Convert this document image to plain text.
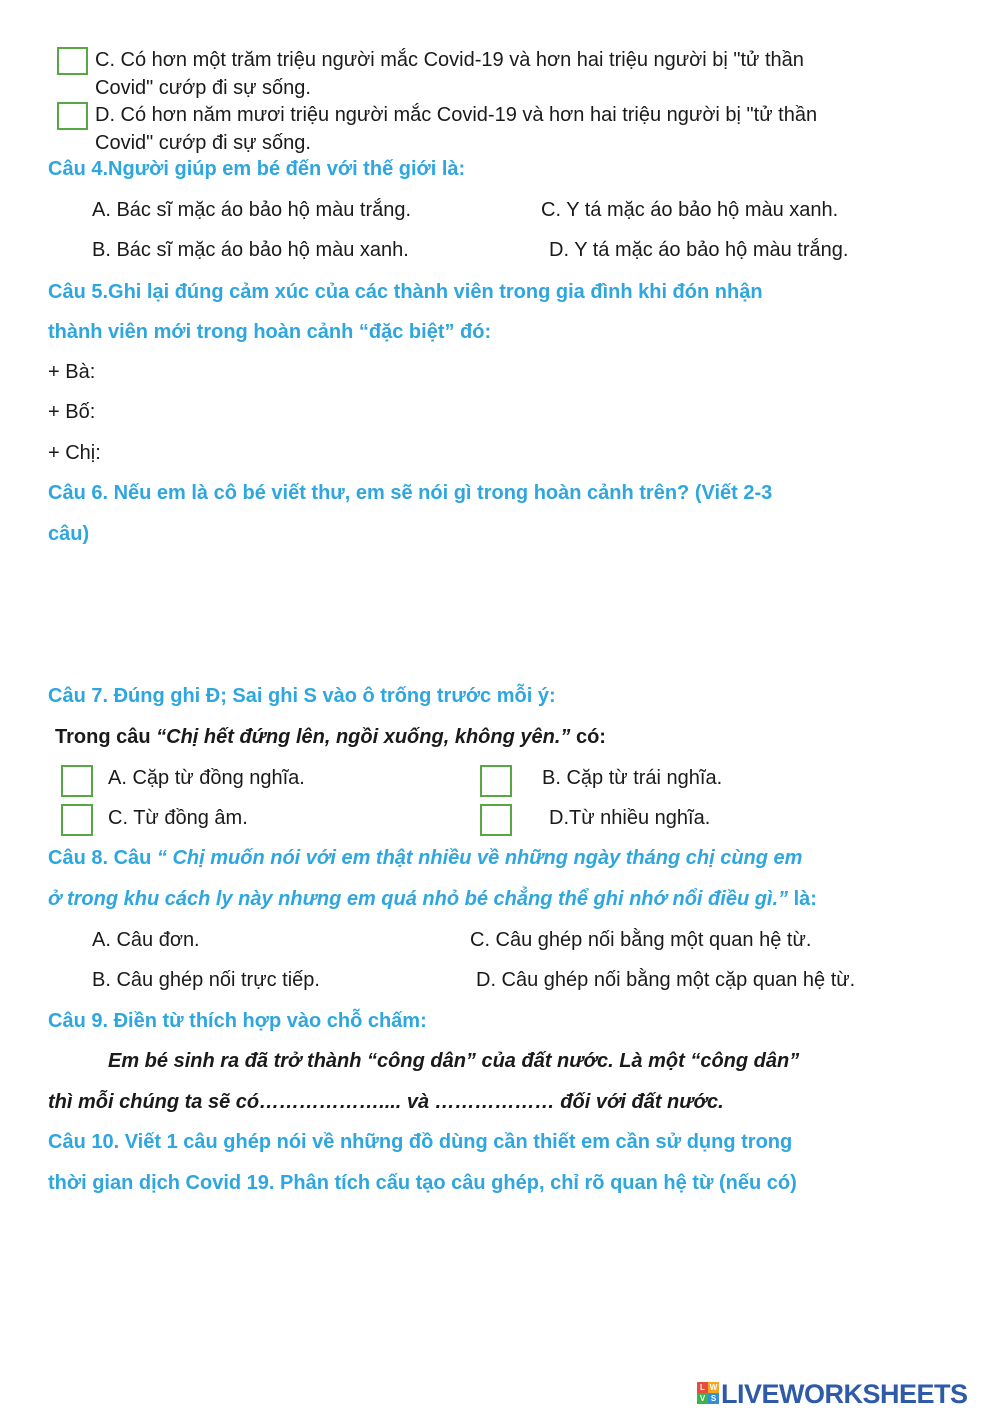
C. Có hơn một trăm triệu người mắc Covid-19 và hơn hai triệu người bị "tử thần
Covid" cướp đi sự sống.
D. Có hơn năm mươi triệu người mắc Covid-19 và hơn hai triệu người bị "tử thần
Covid" cướp đi sự sống.
Câu 4.Người giúp em bé đến với thế giới là:
A. Bác sĩ mặc áo bảo hộ màu trắng.	C. Y tá mặc áo bảo hộ màu xanh.
B. Bác sĩ mặc áo bảo hộ màu xanh.	D. Y tá mặc áo bảo hộ màu trắng.
Câu 5.Ghi lại đúng cảm xúc của các thành viên trong gia đình khi đón nhận
thành viên mới trong hoàn cảnh “đặc biệt” đó:
+ Bà:
+ Bố:
+ Chị:
Câu 6. Nếu em là cô bé viết thư, em sẽ nói gì trong hoàn cảnh trên? (Viết 2-3
câu)
Câu 7. Đúng ghi Đ; Sai ghi S vào ô trống trước mỗi ý:
Trong câu “Chị hết đứng lên, ngồi xuống, không yên.” có:
A. Cặp từ đồng nghĩa.	B. Cặp từ trái nghĩa.
C. Từ đồng âm.	D.Từ nhiều nghĩa.
Câu 8. Câu “ Chị muốn nói với em thật nhiều về những ngày tháng chị cùng em
ở trong khu cách ly này nhưng em quá nhỏ bé chẳng thể ghi nhớ nổi điều gì.” là:
A. Câu đơn.	C. Câu ghép nối bằng một quan hệ từ.
B. Câu ghép nối trực tiếp.	D. Câu ghép nối bằng một cặp quan hệ từ.
Câu 9. Điền từ thích hợp vào chỗ chấm:
Em bé sinh ra đã trở thành “công dân” của đất nước. Là một “công dân”
thì mỗi chúng ta sẽ có……………….... và ……………… đối với đất nước.
Câu 10. Viết 1 câu ghép nói về những đồ dùng cần thiết em cần sử dụng trong
thời gian dịch Covid 19. Phân tích cấu tạo câu ghép, chỉ rõ quan hệ từ (nếu có)
L W
V S LIVEWORKSHEETS
